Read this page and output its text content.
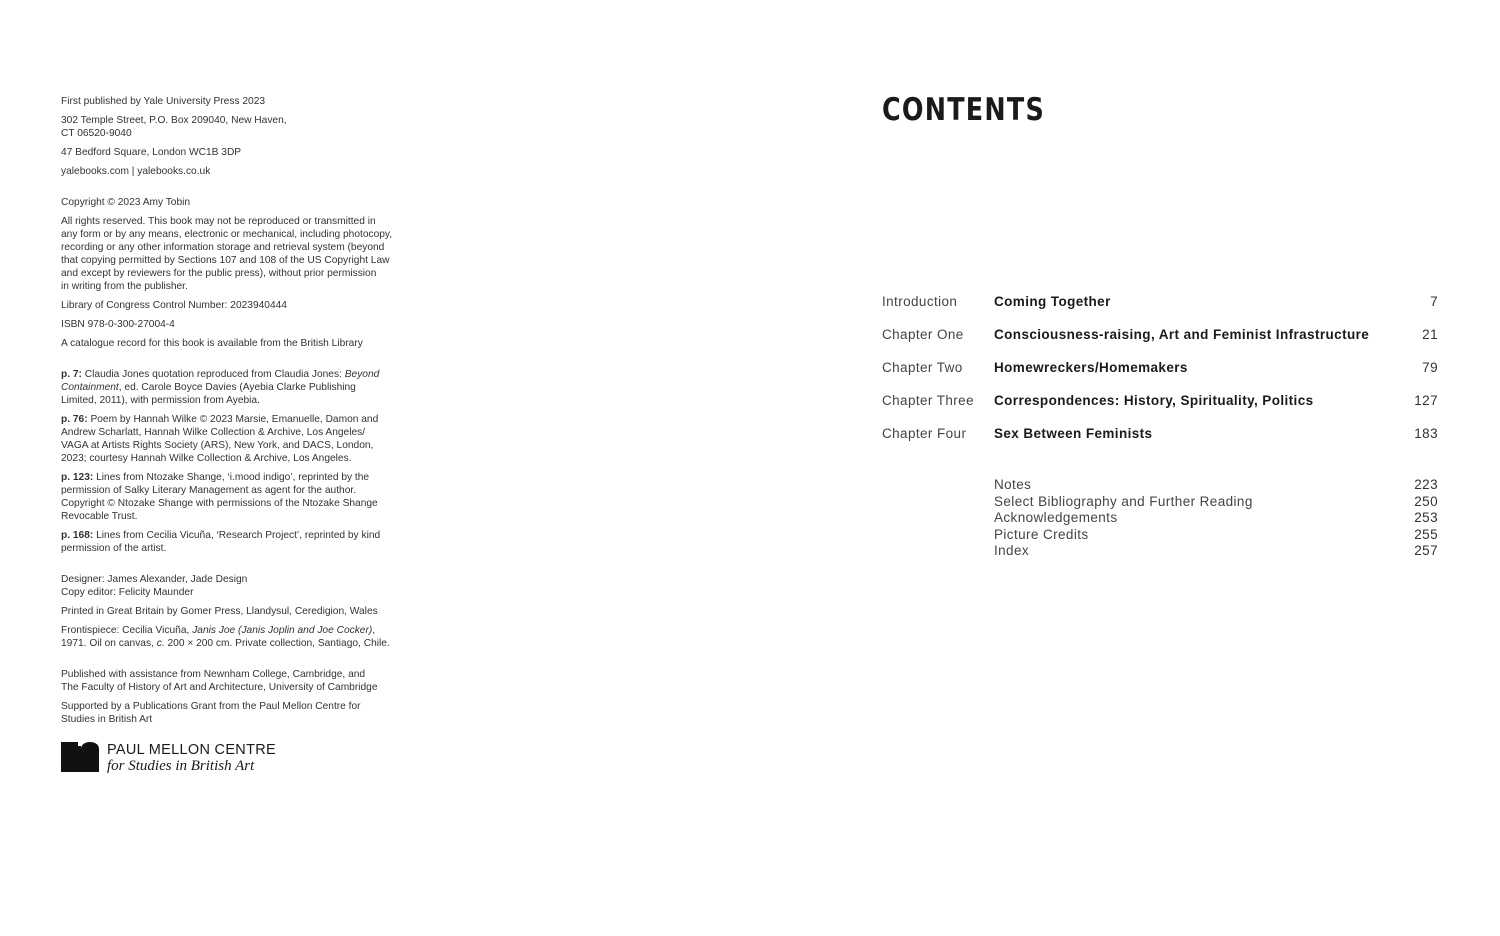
First published by Yale University Press 2023

302 Temple Street, P.O. Box 209040, New Haven,

CT 06520-9040

47 Bedford Square, London WC1B 3DP

yalebooks.com | yalebooks.co.uk

Copyright © 2023 Amy Tobin

All rights reserved. This book may not be reproduced or transmitted in

any form or by any means, electronic or mechanical, including photocopy,

recording or any other information storage and retrieval system (beyond

that copying permitted by Sections 107 and 108 of the US Copyright Law

and except by reviewers for the public press), without prior permission

in writing from the publisher.

Library of Congress Control Number: 2023940444

ISBN 978-0-300-27004-4

A catalogue record for this book is available from the British Library

p. 7: Claudia Jones quotation reproduced from Claudia Jones: Beyond

Containment, ed. Carole Boyce Davies (Ayebia Clarke Publishing

Limited, 2011), with permission from Ayebia.

p. 76: Poem by Hannah Wilke © 2023 Marsie, Emanuelle, Damon and

Andrew Scharlatt, Hannah Wilke Collection & Archive, Los Angeles/

VAGA at Artists Rights Society (ARS), New York, and DACS, London,

2023; courtesy Hannah Wilke Collection & Archive, Los Angeles.

p. 123: Lines from Ntozake Shange, ‘i.mood indigo’, reprinted by the

permission of Salky Literary Management as agent for the author.

Copyright © Ntozake Shange with permissions of the Ntozake Shange

Revocable Trust.

p. 168: Lines from Cecilia Vicuña, ‘Research Project’, reprinted by kind

permission of the artist.

Designer: James Alexander, Jade Design

Copy editor: Felicity Maunder

Printed in Great Britain by Gomer Press, Llandysul, Ceredigion, Wales

Frontispiece: Cecilia Vicuña, Janis Joe (Janis Joplin and Joe Cocker),

1971. Oil on canvas, c. 200 × 200 cm. Private collection, Santiago, Chile.

Published with assistance from Newnham College, Cambridge, and

The Faculty of History of Art and Architecture, University of Cambridge

Supported by a Publications Grant from the Paul Mellon Centre for

Studies in British Art

PAUL MELLON CENTRE
for Studies in British Art
CONTENTS
Introduction	Coming Together	7
Chapter One Consciousness-raising, Art and Feminist Infrastructure	21
Chapter Two Homewreckers/Homemakers	79
Chapter Three Correspondences: History, Spirituality, Politics	127
Chapter Four Sex Between Feminists	183
Notes	223
Select Bibliography and Further Reading	250
Acknowledgements	253
Picture Credits	255
Index	257
